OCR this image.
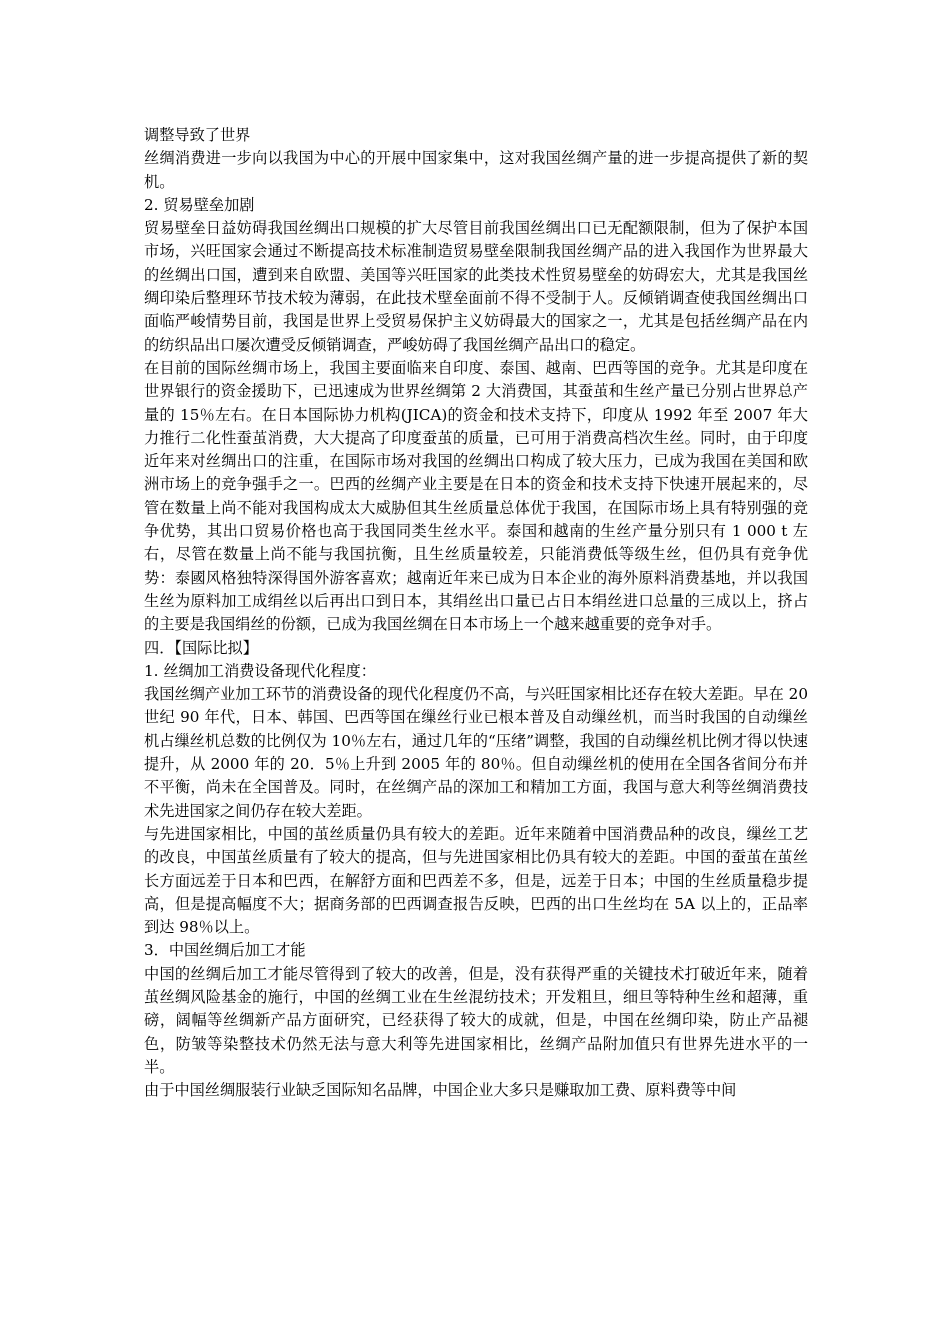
调整导致了世界

丝绸消费进一步向以我国为中心的开展中国家集中，这对我国丝绸产量的进一步提高提供了新的契机。

2. 贸易壁垒加剧

贸易壁垒日益妨碍我国丝绸出口规模的扩大尽管目前我国丝绸出口已无配额限制，但为了保护本国市场，兴旺国家会通过不断提高技术标准制造贸易壁垒限制我国丝绸产品的进入我国作为世界最大的丝绸出口国，遭到来自欧盟、美国等兴旺国家的此类技术性贸易壁垒的妨碍宏大，尤其是我国丝绸印染后整理环节技术较为薄弱，在此技术壁垒面前不得不受制于人。反倾销调查使我国丝绸出口面临严峻情势目前，我国是世界上受贸易保护主义妨碍最大的国家之一，尤其是包括丝绸产品在内的纺织品出口屡次遭受反倾销调查，严峻妨碍了我国丝绸产品出口的稳定。

在目前的国际丝绸市场上，我国主要面临来自印度、泰国、越南、巴西等国的竞争。尤其是印度在世界银行的资金援助下，已迅速成为世界丝绸第 2 大消费国，其蚕茧和生丝产量已分别占世界总产量的 15％左右。在日本国际协力机构(JICA)的资金和技术支持下，印度从 1992 年至 2007 年大力推行二化性蚕茧消费，大大提高了印度蚕茧的质量，已可用于消费高档次生丝。同时，由于印度近年来对丝绸出口的注重，在国际市场对我国的丝绸出口构成了较大压力，已成为我国在美国和欧洲市场上的竞争强手之一。巴西的丝绸产业主要是在日本的资金和技术支持下快速开展起来的，尽管在数量上尚不能对我国构成太大威胁但其生丝质量总体优于我国，在国际市场上具有特别强的竞争优势，其出口贸易价格也高于我国同类生丝水平。泰国和越南的生丝产量分别只有 1 000 t 左右，尽管在数量上尚不能与我国抗衡，且生丝质量较差，只能消费低等级生丝，但仍具有竞争优势：泰國风格独特深得国外游客喜欢；越南近年来已成为日本企业的海外原料消费基地，并以我国生丝为原料加工成绢丝以后再出口到日本，其绢丝出口量已占日本绢丝进口总量的三成以上，挤占的主要是我国绢丝的份额，已成为我国丝绸在日本市场上一个越来越重要的竞争对手。

四．【国际比拟】

1. 丝绸加工消费设备现代化程度：

我国丝绸产业加工环节的消费设备的现代化程度仍不高，与兴旺国家相比还存在较大差距。早在 20 世纪 90 年代，日本、韩国、巴西等国在缫丝行业已根本普及自动缫丝机，而当时我国的自动缫丝机占缫丝机总数的比例仅为 10％左右，通过几年的“压绪”调整，我国的自动缫丝机比例才得以快速提升，从 2000 年的 20．5％上升到 2005 年的 80％。但自动缫丝机的使用在全国各省间分布并不平衡，尚未在全国普及。同时，在丝绸产品的深加工和精加工方面，我国与意大利等丝绸消费技术先进国家之间仍存在较大差距。

与先进国家相比，中国的茧丝质量仍具有较大的差距。近年来随着中国消费品种的改良，缫丝工艺的改良，中国茧丝质量有了较大的提高，但与先进国家相比仍具有较大的差距。中国的蚕茧在茧丝长方面远差于日本和巴西，在解舒方面和巴西差不多，但是，远差于日本；中国的生丝质量稳步提高，但是提高幅度不大；据商务部的巴西调查报告反映，巴西的出口生丝均在 5A 以上的，正品率到达 98％以上。

3．中国丝绸后加工才能

中国的丝绸后加工才能尽管得到了较大的改善，但是，没有获得严重的关键技术打破近年来，随着茧丝绸风险基金的施行，中国的丝绸工业在生丝混纺技术；开发粗旦，细旦等特种生丝和超薄，重磅，阔幅等丝绸新产品方面研究，已经获得了较大的成就，但是，中国在丝绸印染，防止产品褪色，防皱等染整技术仍然无法与意大利等先进国家相比，丝绸产品附加值只有世界先进水平的一半。

由于中国丝绸服装行业缺乏国际知名品牌，中国企业大多只是赚取加工费、原料费等中间
